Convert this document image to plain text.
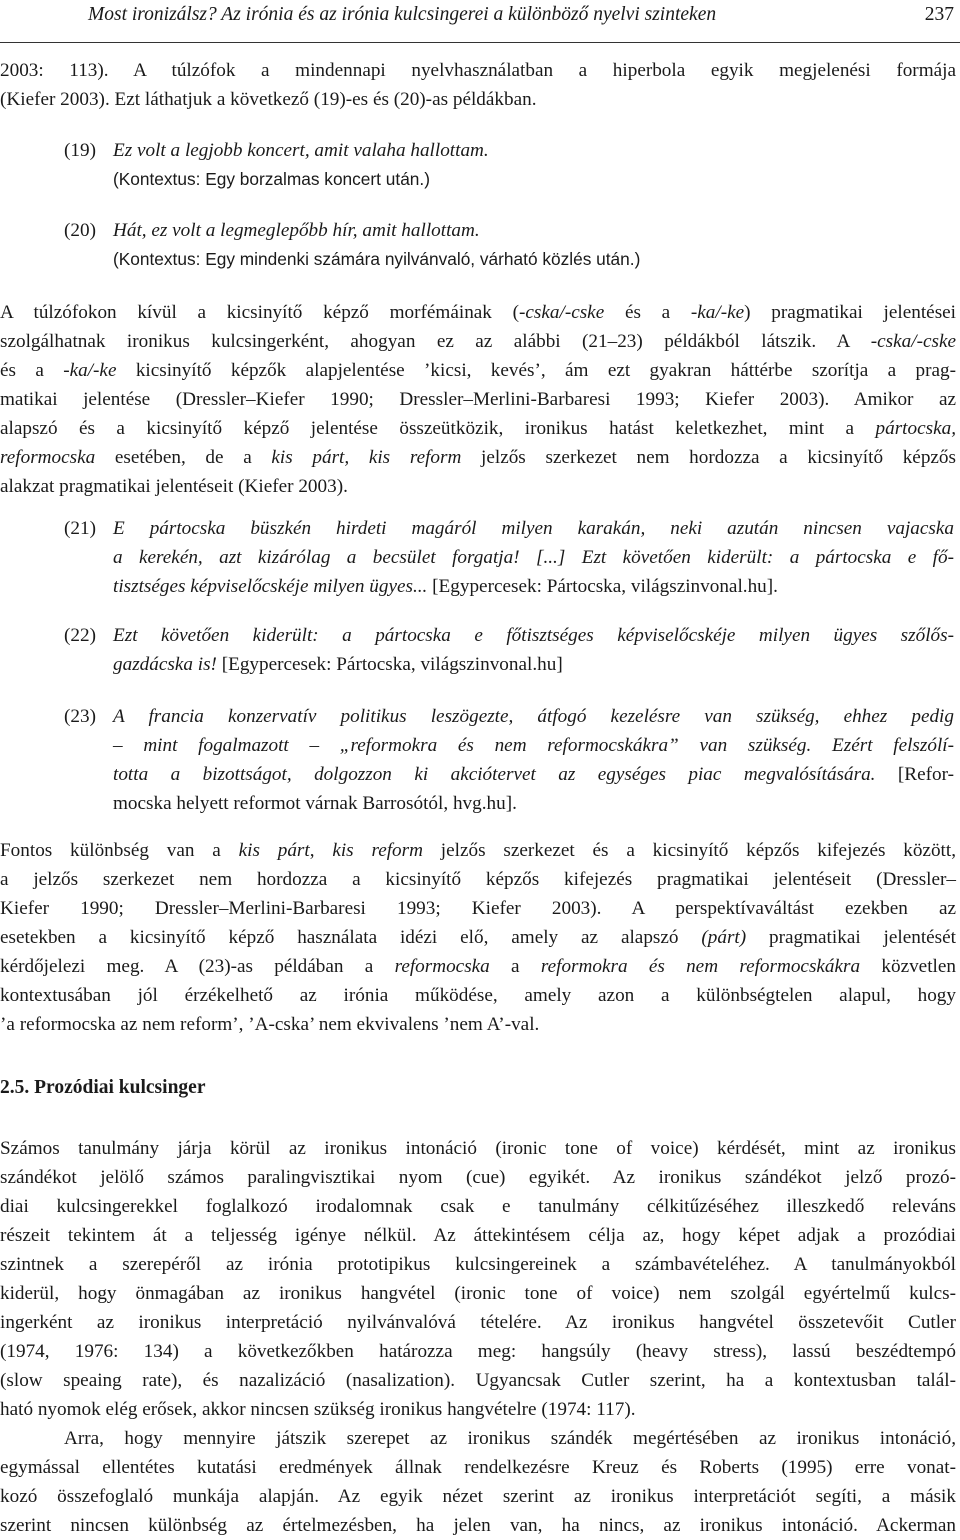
Most ironizálsz? Az irónia és az irónia kulcsingerei a különböző nyelvi szinteken	237
2003: 113). A túlzófok a mindennapi nyelvhasználatban a hiperbola egyik megjelenési formája
(Kiefer 2003). Ezt láthatjuk a következő (19)-es és (20)-as példákban.
(19) Ez volt a legjobb koncert, amit valaha hallottam.
(Kontextus: Egy borzalmas koncert után.)
(20) Hát, ez volt a legmeglepőbb hír, amit hallottam.
(Kontextus: Egy mindenki számára nyilvánvaló, várható közlés után.)
A túlzófokon kívül a kicsinyítő képző morfémáinak (-cska/-cske és a -ka/-ke) pragmatikai jelentései
szolgálhatnak ironikus kulcsingerként, ahogyan ez az alábbi (21–23) példákból látszik. A -cska/-cske
és a -ka/-ke kicsinyítő képzők alapjelentése ’kicsi, kevés’, ám ezt gyakran háttérbe szorítja a prag-
matikai jelentése (Dressler–Kiefer 1990; Dressler–Merlini-Barbaresi 1993; Kiefer 2003). Amikor az
alapszó és a kicsinyítő képző jelentése összeütközik, ironikus hatást keletkezhet, mint a pártocska,
reformocska esetében, de a kis párt, kis reform jelzős szerkezet nem hordozza a kicsinyítő képzős
alakzat pragmatikai jelentéseit (Kiefer 2003).
(21) E pártocska büszkén hirdeti magáról milyen karakán, neki azután nincsen vajacska
a kerekén, azt kizárólag a becsület forgatja! [...] Ezt követően kiderült: a pártocska e fő-
tisztséges képviselőcskéje milyen ügyes... [Egypercesek: Pártocska, világszinvonal.hu].
(22) Ezt követően kiderült: a pártocska e főtisztséges képviselőcskéje milyen ügyes szőlős-
gazdácska is! [Egypercesek: Pártocska, világszinvonal.hu]
(23) A francia konzervatív politikus leszögezte, átfogó kezelésre van szükség, ehhez pedig
– mint fogalmazott – „reformokra és nem reformocskákra” van szükség. Ezért felszólí-
totta a bizottságot, dolgozzon ki akciótervet az egységes piac megvalósítására. [Refor-
mocska helyett reformot várnak Barrosótól, hvg.hu].
Fontos különbség van a kis párt, kis reform jelzős szerkezet és a kicsinyítő képzős kifejezés között,
a jelzős szerkezet nem hordozza a kicsinyítő képzős kifejezés pragmatikai jelentéseit (Dressler–
Kiefer 1990; Dressler–Merlini-Barbaresi 1993; Kiefer 2003). A perspektívaváltást ezekben az
esetekben a kicsinyítő képző használata idézi elő, amely az alapszó (párt) pragmatikai jelentését
kérdőjelezi meg. A (23)-as példában a reformocska a reformokra és nem reformocskákra közvetlen
kontextusában jól érzékelhető az irónia működése, amely azon a különbségtelen alapul, hogy
’a reformocska az nem reform’, ’A-cska’ nem ekvivalens ’nem A’-val.
2.5. Prozódiai kulcsinger
Számos tanulmány járja körül az ironikus intonáció (ironic tone of voice) kérdését, mint az ironikus
szándékot jelölő számos paralingvisztikai nyom (cue) egyikét. Az ironikus szándékot jelző prozó-
diai kulcsingerekkel foglalkozó irodalomnak csak e tanulmány célkitűzéséhez illeszkedő releváns
részeit tekintem át a teljesség igénye nélkül. Az áttekintésem célja az, hogy képet adjak a prozódiai
szintnek a szerepéről az irónia prototipikus kulcsingereinek a számbavételéhez. A tanulmányokból
kiderül, hogy önmagában az ironikus hangvétel (ironic tone of voice) nem szolgál egyértelmű kulcs-
ingerként az ironikus interpretáció nyilvánvalóvá tételére. Az ironikus hangvétel összetevőit Cutler
(1974, 1976: 134) a következőkben határozza meg: hangsúly (heavy stress), lassú beszédtempó
(slow speaing rate), és nazalizáció (nasalization). Ugyancsak Cutler szerint, ha a kontextusban talál-
ható nyomok elég erősek, akkor nincsen szükség ironikus hangvételre (1974: 117).
Arra, hogy mennyire játszik szerepet az ironikus szándék megértésében az ironikus intonáció,
egymással ellentétes kutatási eredmények állnak rendelkezésre Kreuz és Roberts (1995) erre vonat-
kozó összefoglaló munkája alapján. Az egyik nézet szerint az ironikus interpretációt segíti, a másik
szerint nincsen különbség az értelmezésben, ha jelen van, ha nincs, az ironikus intonáció. Ackerman
